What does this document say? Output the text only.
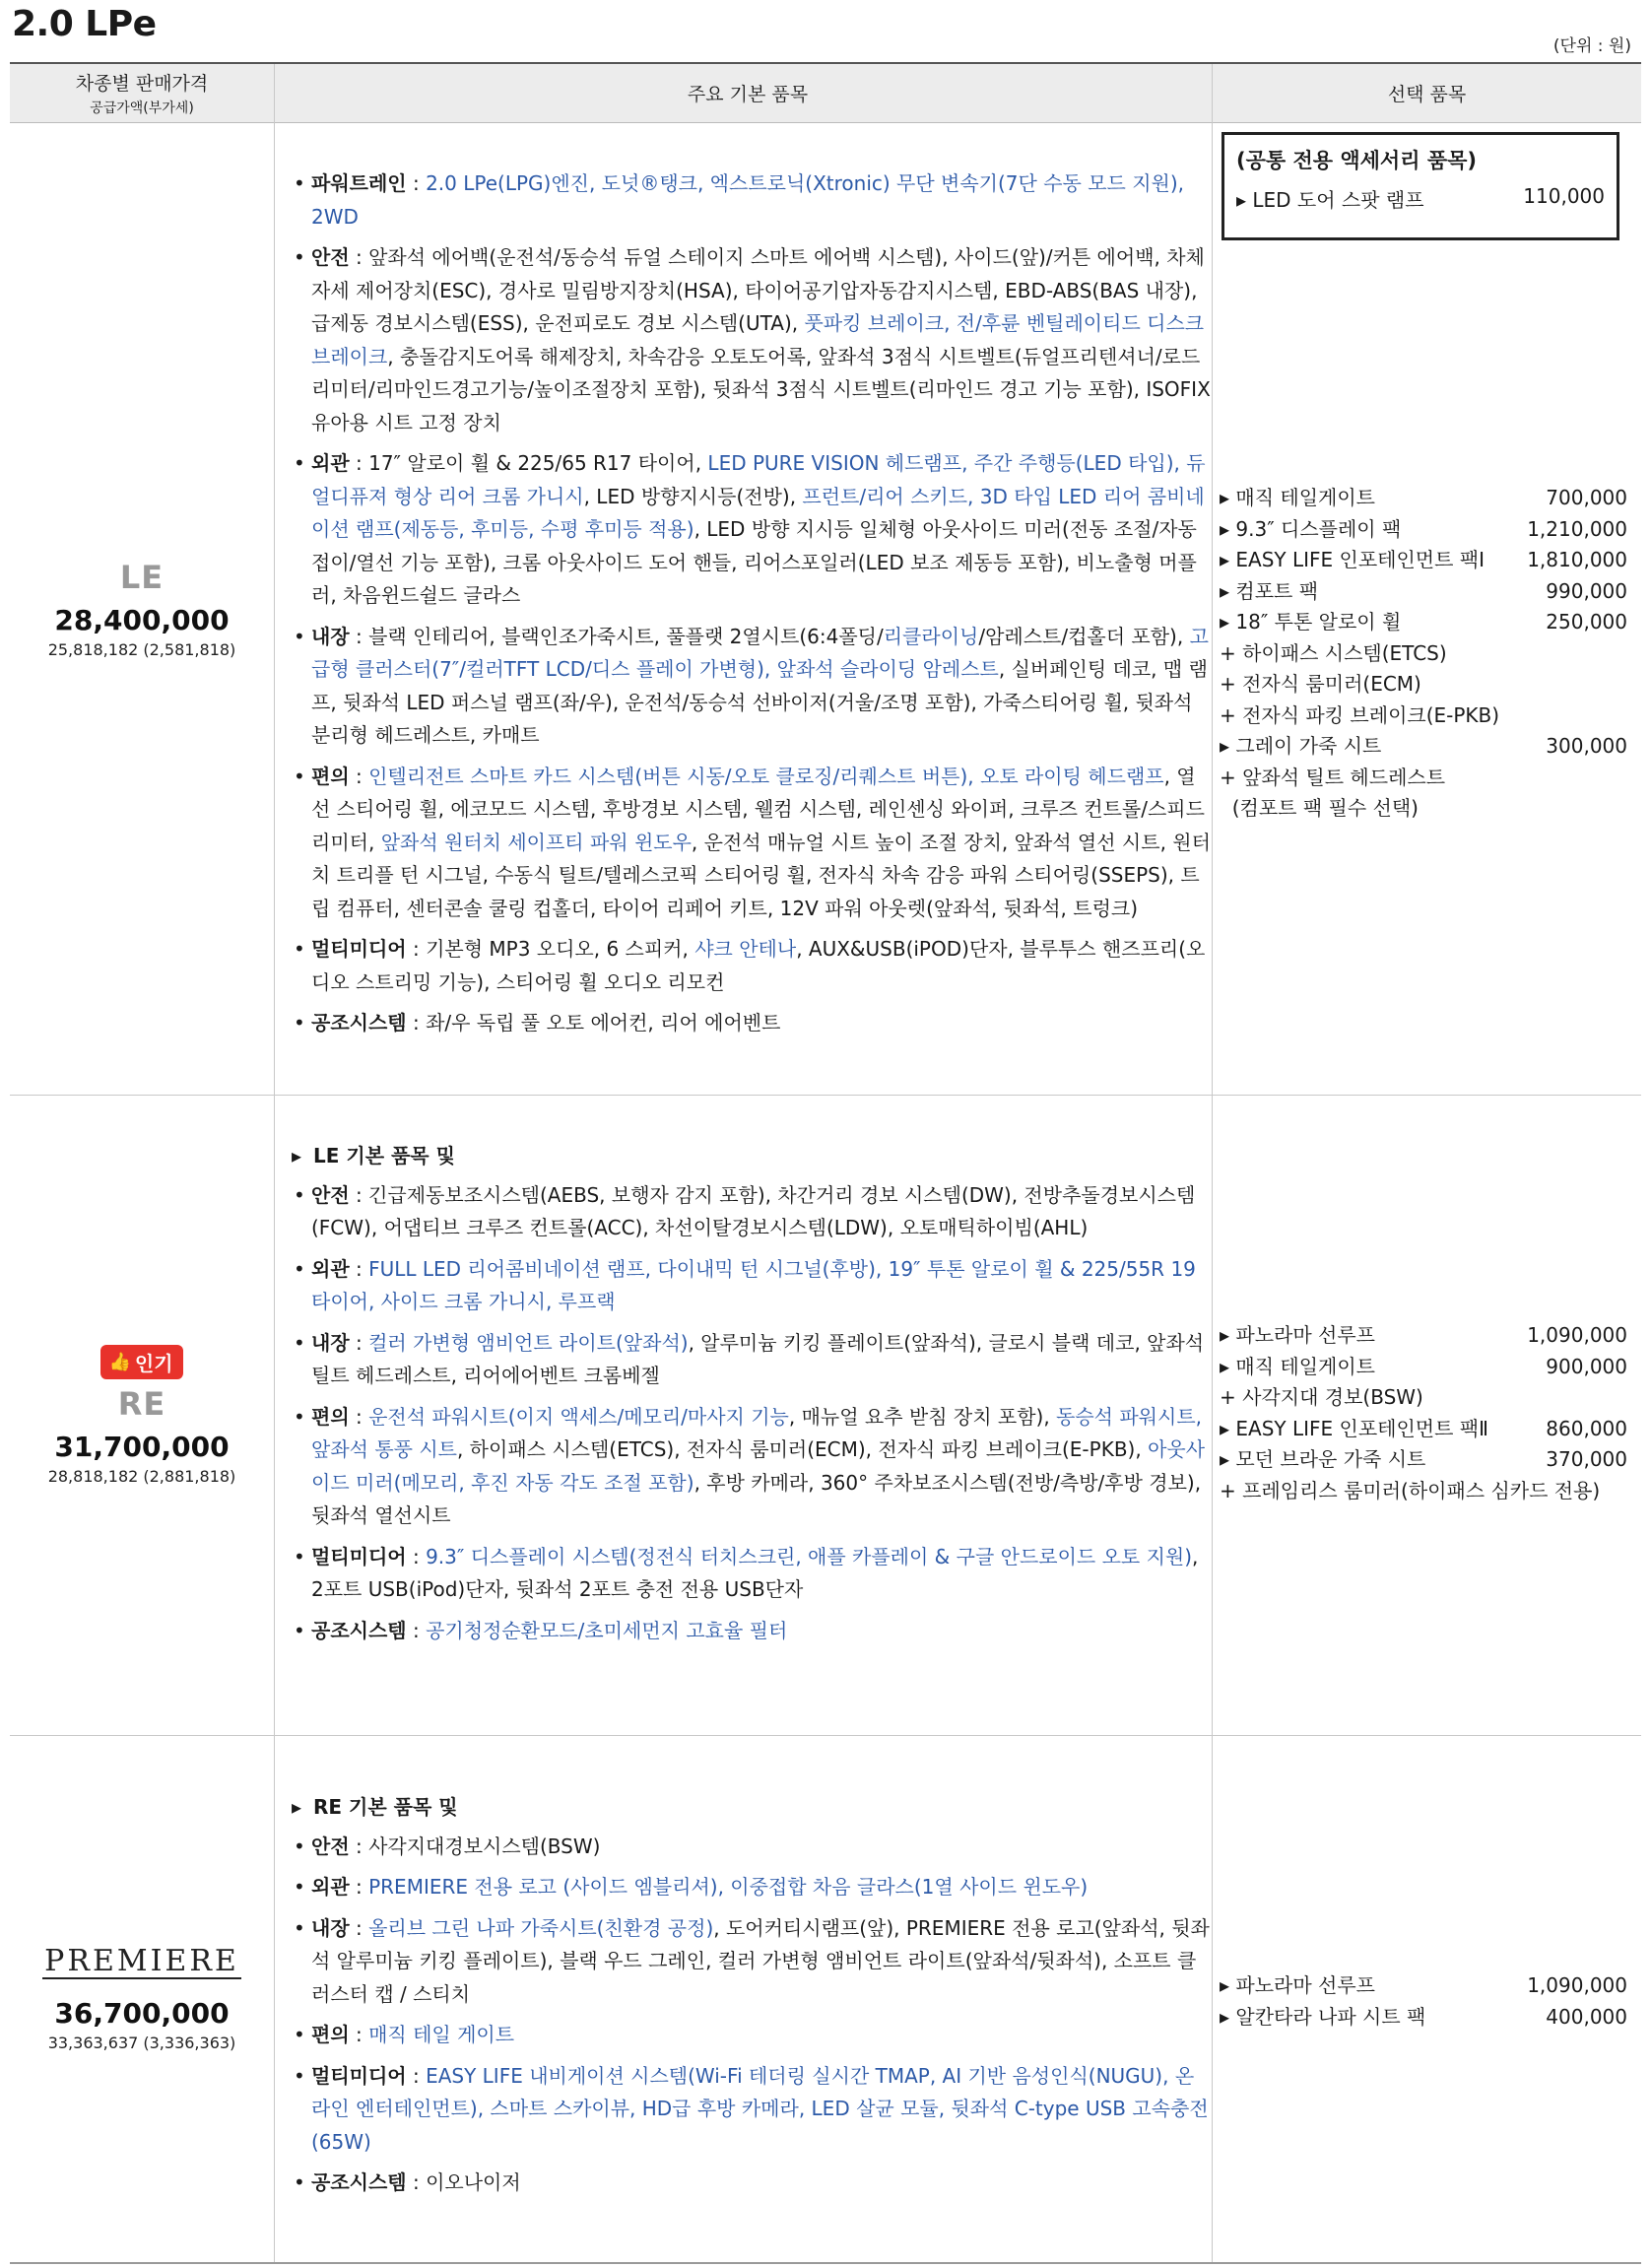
2.0 LPe
(단위 : 원)
차종별 판매가격
공급가액(부가세)
주요 기본 품목	선택 품목
LE
28,400,000
25,818,182 (2,581,818)
• 파워트레인 : 2.0 LPe(LPG)엔진, 도넛®탱크, 엑스트로닉(Xtronic) 무단 변속기(7단 수동 모드 지원), 2WD
• 안전 : 앞좌석 에어백(운전석/동승석 듀얼 스테이지 스마트 에어백 시스템), 사이드(앞)/커튼 에어백, 차체자세 제어장치(ESC), 경사로 밀림방지장치(HSA), 타이어공기압자동감지시스템, EBD-ABS(BAS 내장), 급제동 경보시스템(ESS), 운전피로도 경보 시스템(UTA), 풋파킹 브레이크, 전/후륜 벤틸레이티드 디스크 브레이크, 충돌감지도어록 해제장치, 차속감응 오토도어록, 앞좌석 3점식 시트벨트(듀얼프리텐셔너/로드리미터/리마인드경고기능/높이조절장치 포함), 뒷좌석 3점식 시트벨트(리마인드 경고 기능 포함), ISOFIX 유아용 시트 고정 장치
• 외관 : 17″ 알로이 휠 & 225/65 R17 타이어, LED PURE VISION 헤드램프, 주간 주행등(LED 타입), 듀얼디퓨져 형상 리어 크롬 가니시, LED 방향지시등(전방), 프런트/리어 스키드, 3D 타입 LED 리어 콤비네이션 램프(제동등, 후미등, 수평 후미등 적용), LED 방향 지시등 일체형 아웃사이드 미러(전동 조절/자동접이/열선 기능 포함), 크롬 아웃사이드 도어 핸들, 리어스포일러(LED 보조 제동등 포함), 비노출형 머플러, 차음윈드쉴드 글라스
• 내장 : 블랙 인테리어, 블랙인조가죽시트, 풀플랫 2열시트(6:4폴딩/리클라이닝/암레스트/컵홀더 포함), 고급형 클러스터(7″/컬러TFT LCD/디스 플레이 가변형), 앞좌석 슬라이딩 암레스트, 실버페인팅 데코, 맵 램프, 뒷좌석 LED 퍼스널 램프(좌/우), 운전석/동승석 선바이저(거울/조명 포함), 가죽스티어링 휠, 뒷좌석 분리형 헤드레스트, 카매트
• 편의 : 인텔리전트 스마트 카드 시스템(버튼 시동/오토 클로징/리퀘스트 버튼), 오토 라이팅 헤드램프, 열선 스티어링 휠, 에코모드 시스템, 후방경보 시스템, 웰컴 시스템, 레인센싱 와이퍼, 크루즈 컨트롤/스피드 리미터, 앞좌석 원터치 세이프티 파워 윈도우, 운전석 매뉴얼 시트 높이 조절 장치, 앞좌석 열선 시트, 원터치 트리플 턴 시그널, 수동식 틸트/텔레스코픽 스티어링 휠, 전자식 차속 감응 파워 스티어링(SSEPS), 트립 컴퓨터, 센터콘솔 쿨링 컵홀더, 타이어 리페어 키트, 12V 파워 아웃렛(앞좌석, 뒷좌석, 트렁크)
• 멀티미디어 : 기본형 MP3 오디오, 6 스피커, 샤크 안테나, AUX&USB(iPOD)단자, 블루투스 핸즈프리(오디오 스트리밍 기능), 스티어링 휠 오디오 리모컨
• 공조시스템 : 좌/우 독립 풀 오토 에어컨, 리어 에어벤트
(공통 전용 액세서리 품목)
▸ LED 도어 스팟 램프	110,000
▸ 매직 테일게이트	700,000
▸ 9.3″ 디스플레이 팩	1,210,000
▸ EASY LIFE 인포테인먼트 팩Ⅰ 1,810,000
▸ 컴포트 팩	990,000
▸ 18″ 투톤 알로이 휠	250,000
+ 하이패스 시스템(ETCS)
+ 전자식 룸미러(ECM)
+ 전자식 파킹 브레이크(E-PKB)
▸ 그레이 가죽 시트	300,000
+ 앞좌석 틸트 헤드레스트
(컴포트 팩 필수 선택)
👍 인기
RE
31,700,000
28,818,182 (2,881,818)
▸ LE 기본 품목 및
• 안전 : 긴급제동보조시스템(AEBS, 보행자 감지 포함), 차간거리 경보 시스템(DW), 전방추돌경보시스템(FCW), 어댑티브 크루즈 컨트롤(ACC), 차선이탈경보시스템(LDW), 오토매틱하이빔(AHL)
• 외관 : FULL LED 리어콤비네이션 램프, 다이내믹 턴 시그널(후방), 19″ 투톤 알로이 휠 & 225/55R 19타이어, 사이드 크롬 가니시, 루프랙
• 내장 : 컬러 가변형 앰비언트 라이트(앞좌석), 알루미늄 키킹 플레이트(앞좌석), 글로시 블랙 데코, 앞좌석 틸트 헤드레스트, 리어에어벤트 크롬베젤
• 편의 : 운전석 파워시트(이지 액세스/메모리/마사지 기능, 매뉴얼 요추 받침 장치 포함), 동승석 파워시트, 앞좌석 통풍 시트, 하이패스 시스템(ETCS), 전자식 룸미러(ECM), 전자식 파킹 브레이크(E-PKB), 아웃사이드 미러(메모리, 후진 자동 각도 조절 포함), 후방 카메라, 360° 주차보조시스템(전방/측방/후방 경보), 뒷좌석 열선시트
• 멀티미디어 : 9.3″ 디스플레이 시스템(정전식 터치스크린, 애플 카플레이 & 구글 안드로이드 오토 지원), 2포트 USB(iPod)단자, 뒷좌석 2포트 충전 전용 USB단자
• 공조시스템 : 공기청정순환모드/초미세먼지 고효율 필터
▸ 파노라마 선루프	1,090,000
▸ 매직 테일게이트	900,000
+ 사각지대 경보(BSW)
▸ EASY LIFE 인포테인먼트 팩Ⅱ	860,000
▸ 모던 브라운 가죽 시트	370,000
+ 프레임리스 룸미러(하이패스 심카드 전용)
PREMIERE
36,700,000
33,363,637 (3,336,363)
▸ RE 기본 품목 및
• 안전 : 사각지대경보시스템(BSW)
• 외관 : PREMIERE 전용 로고 (사이드 엠블리셔), 이중접합 차음 글라스(1열 사이드 윈도우)
• 내장 : 올리브 그린 나파 가죽시트(친환경 공정), 도어커티시램프(앞), PREMIERE 전용 로고(앞좌석, 뒷좌석 알루미늄 키킹 플레이트), 블랙 우드 그레인, 컬러 가변형 앰비언트 라이트(앞좌석/뒷좌석), 소프트 클러스터 캡 / 스티치
• 편의 : 매직 테일 게이트
• 멀티미디어 : EASY LIFE 내비게이션 시스템(Wi-Fi 테더링 실시간 TMAP, AI 기반 음성인식(NUGU), 온라인 엔터테인먼트), 스마트 스카이뷰, HD급 후방 카메라, LED 살균 모듈, 뒷좌석 C-type USB 고속충전(65W)
• 공조시스템 : 이오나이저
▸ 파노라마 선루프	1,090,000
▸ 알칸타라 나파 시트 팩	400,000
